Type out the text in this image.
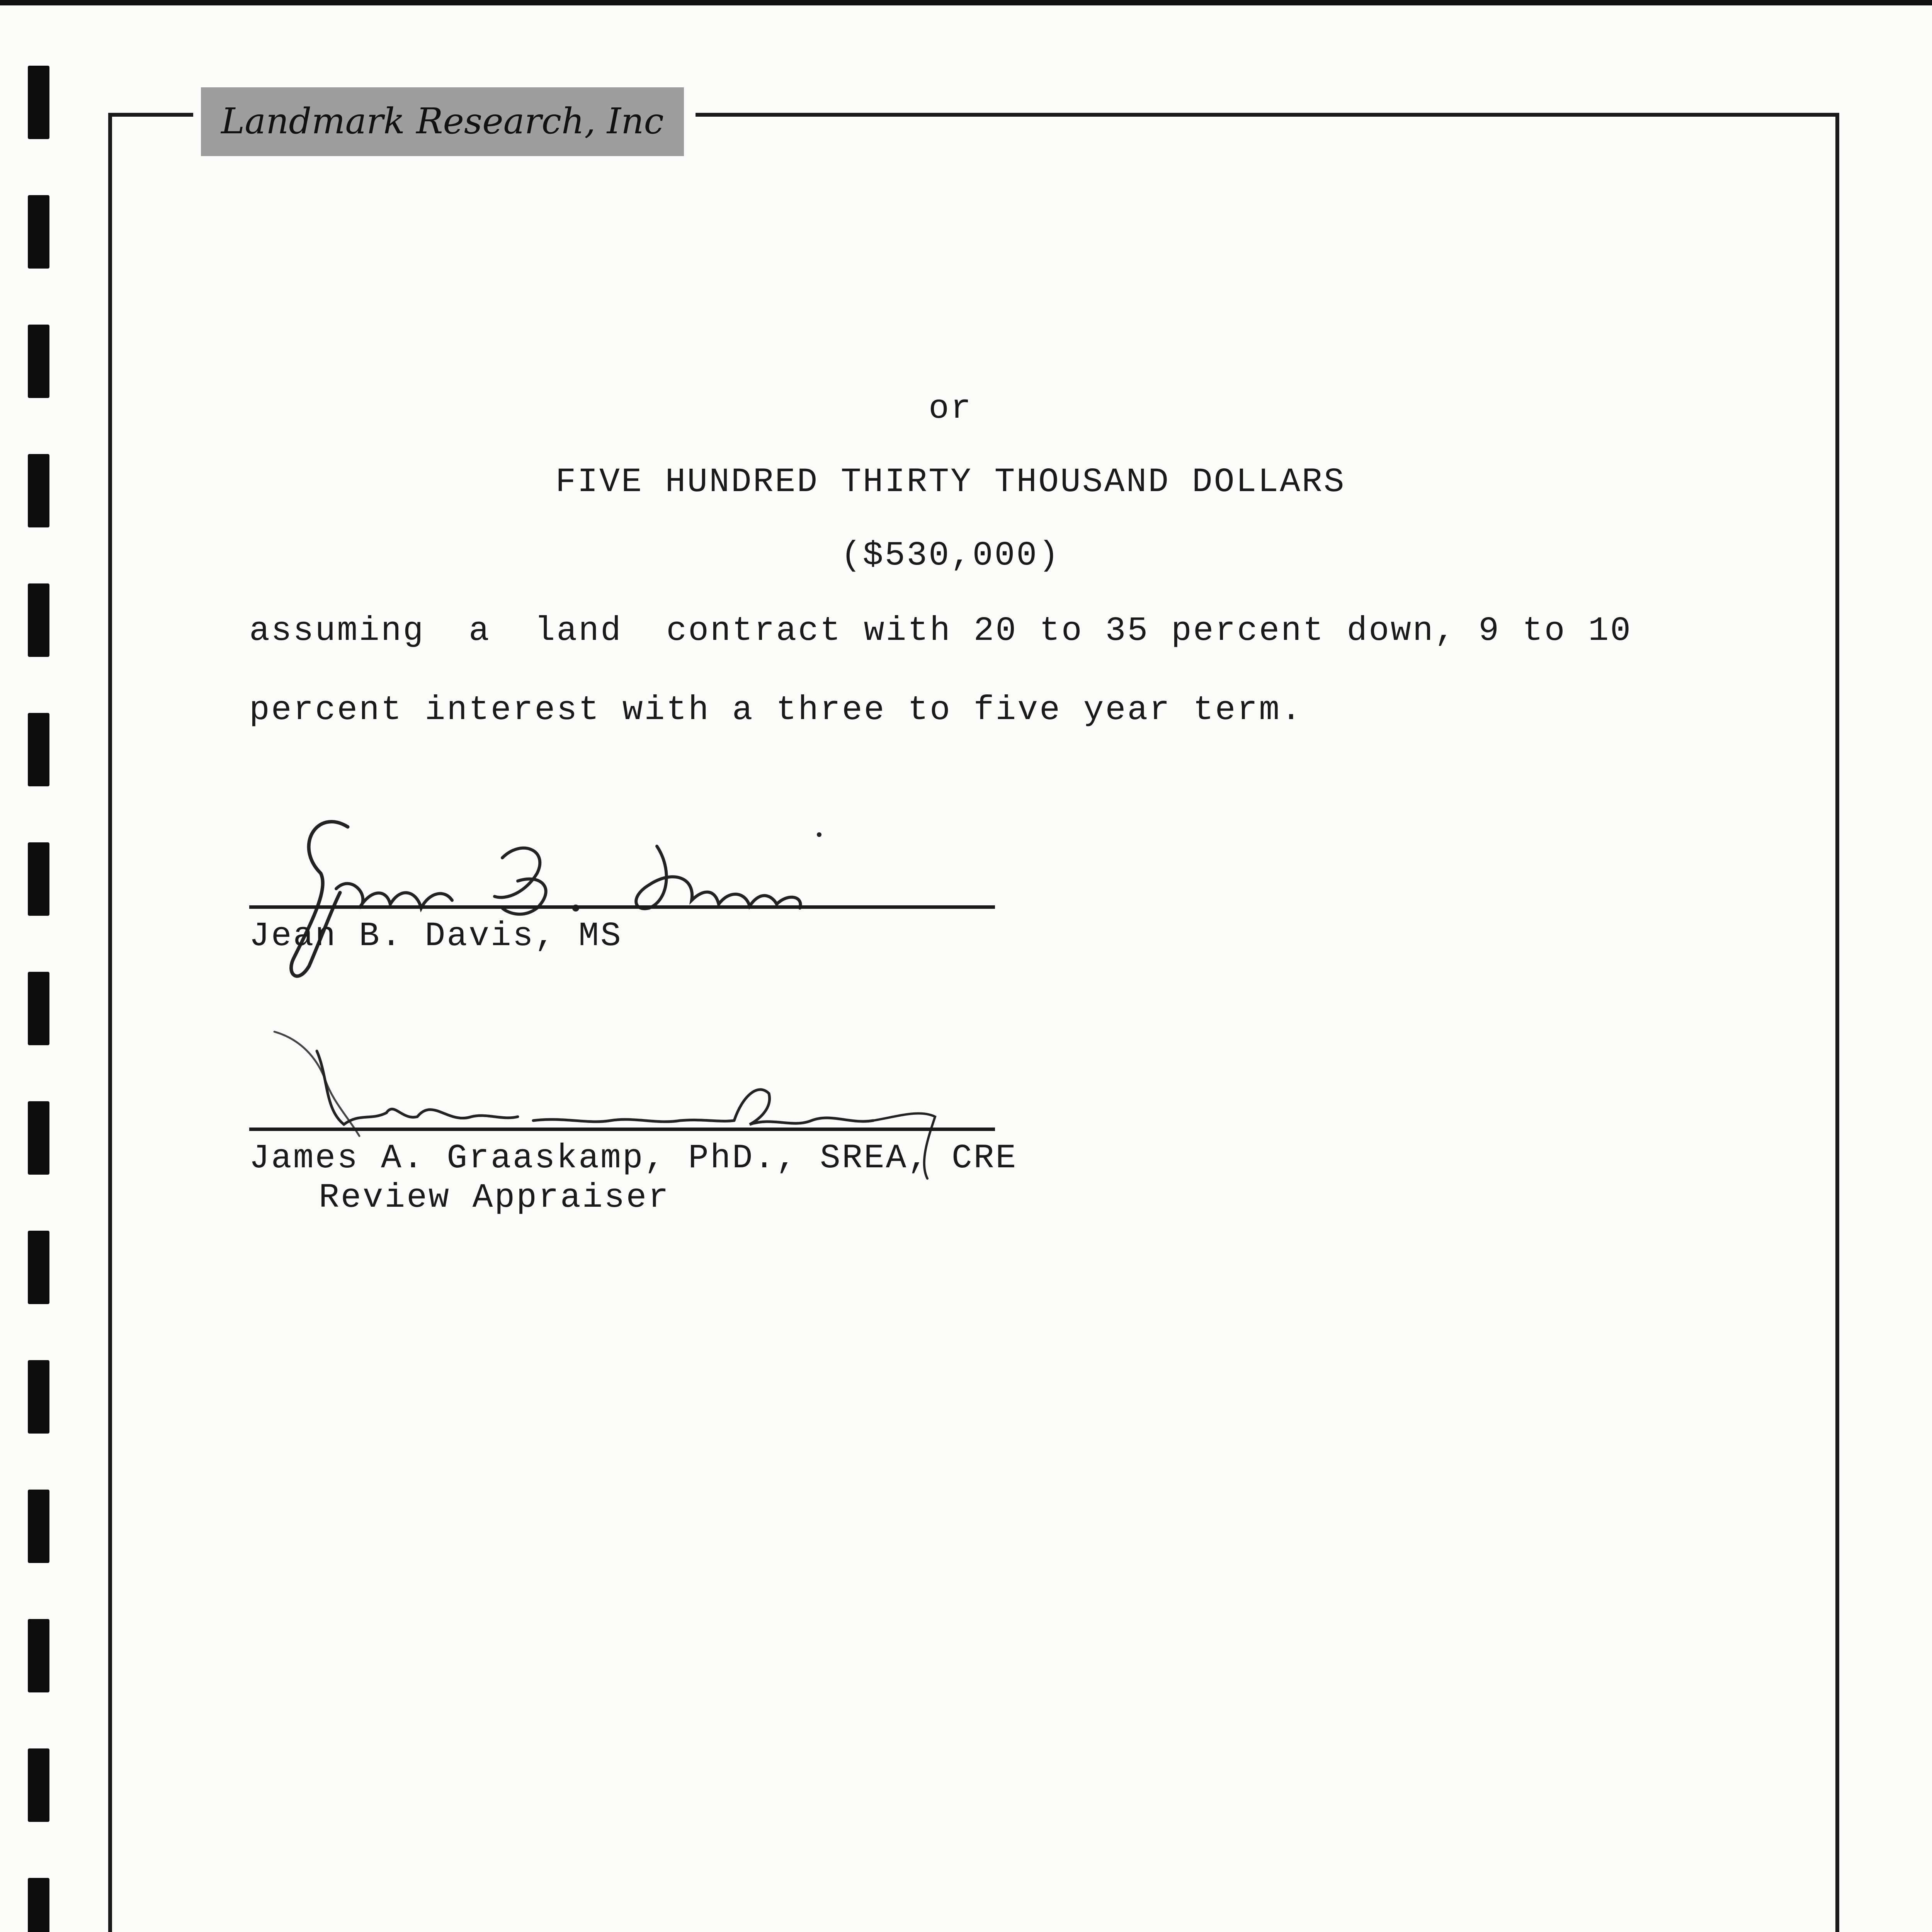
Landmark Research, Inc
or
FIVE HUNDRED THIRTY THOUSAND DOLLARS
($530,000)
assuming  a  land  contract with 20 to 35 percent down, 9 to 10
percent interest with a three to five year term.
Jean B. Davis, MS
James A. Graaskamp, PhD., SREA, CRE
Review Appraiser
